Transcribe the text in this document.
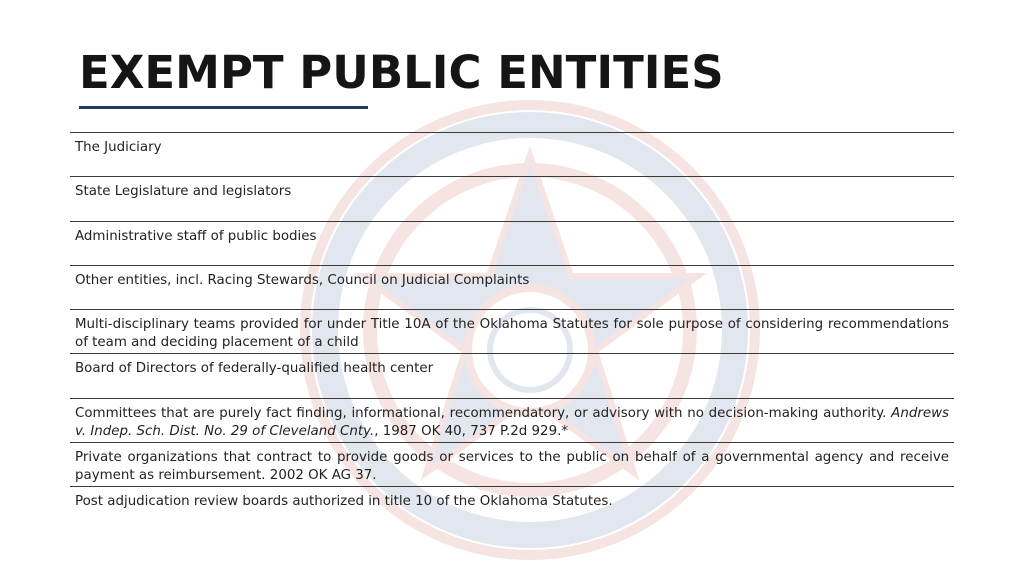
EXEMPT PUBLIC ENTITIES
The Judiciary
State Legislature and legislators
Administrative staff of public bodies
Other entities, incl. Racing Stewards, Council on Judicial Complaints
Multi-disciplinary teams provided for under Title 10A of the Oklahoma Statutes for sole purpose of considering recommendations of team and deciding placement of a child
Board of Directors of federally-qualified health center
Committees that are purely fact finding, informational, recommendatory, or advisory with no decision-making authority. Andrews v. Indep. Sch. Dist. No. 29 of Cleveland Cnty., 1987 OK 40, 737 P.2d 929.*
Private organizations that contract to provide goods or services to the public on behalf of a governmental agency and receive payment as reimbursement. 2002 OK AG 37.
Post adjudication review boards authorized in title 10 of the Oklahoma Statutes.
